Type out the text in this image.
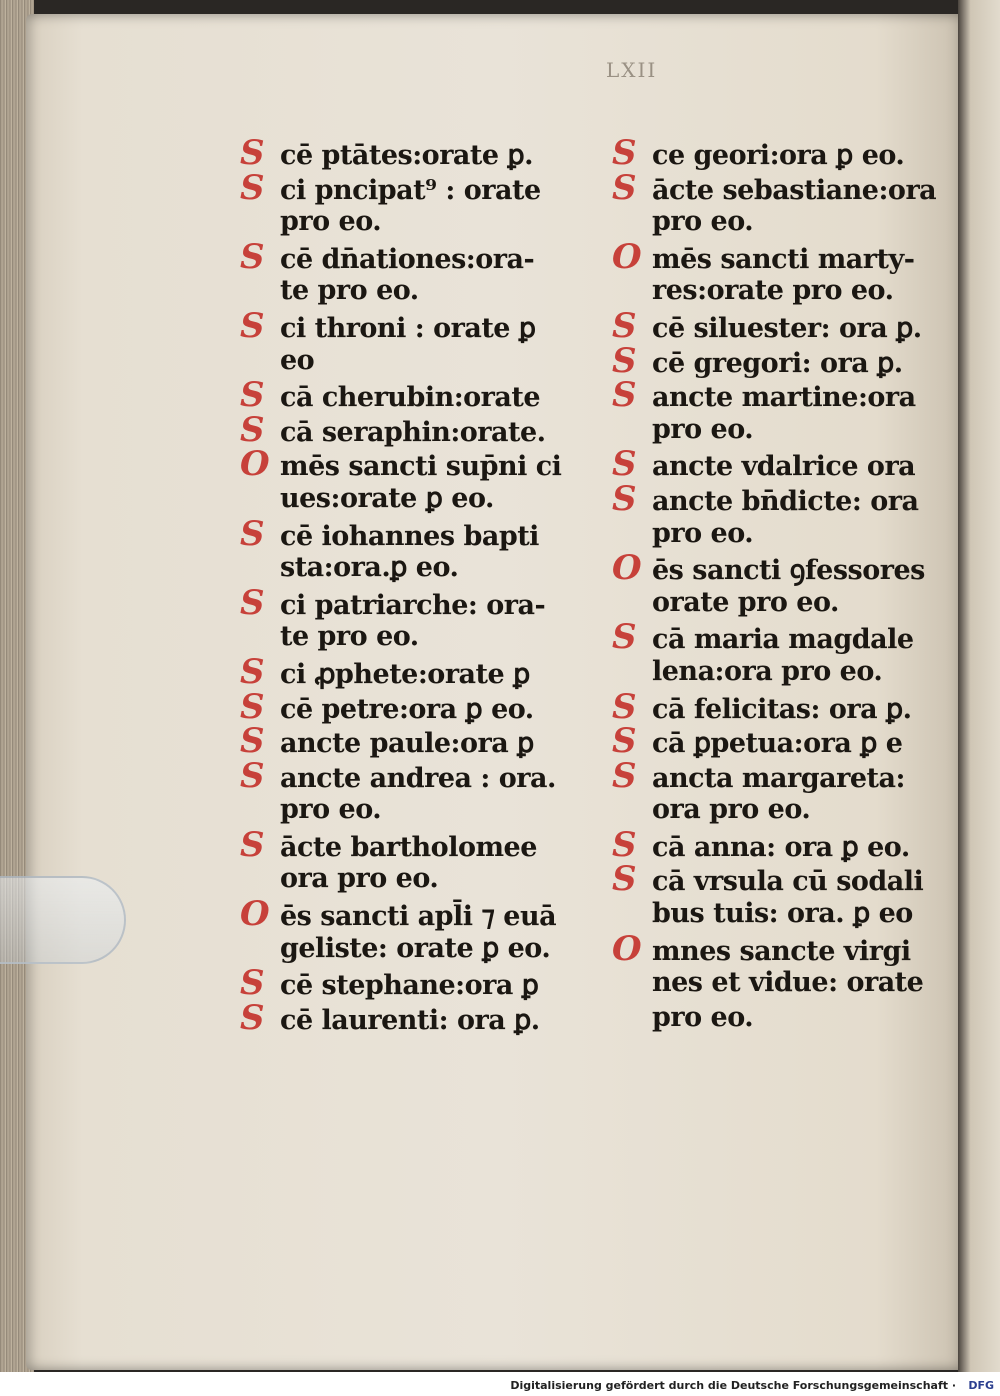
LXII
S cē ptātes:orate ꝑ.
S ci pncipat⁹ : orate
pro eo.
S cē dn̄ationes:ora‑
te pro eo.
S ci throni : orate ꝑ
eo
S cā cherubin:orate
S cā seraphin:orate.
O mēs sancti sup̄ni ci
ues:orate ꝑ eo.
S cē iohannes bapti
sta:ora.ꝑ eo.
S ci patriarche: ora‑
te pro eo.
S ci ꝓphete:orate ꝑ
S cē petre:ora ꝑ eo.
S ancte paule:ora ꝑ
S ancte andrea : ora.
pro eo.
S ācte bartholomee
ora pro eo.
O ēs sancti apl̄i ⁊ euā
geliste: orate ꝑ eo.
S cē stephane:ora ꝑ
S cē laurenti: ora ꝑ.
S ce geori:ora ꝑ eo.
S ācte sebastiane:ora
pro eo.
O mēs sancti marty‑
res:orate pro eo.
S cē siluester: ora ꝑ.
S cē gregori: ora ꝑ.
S ancte martine:ora
pro eo.
S ancte vdalrice ora
S ancte bn̄dicte: ora
pro eo.
O ēs sancti ꝯfessores
orate pro eo.
S cā maria magdale
lena:ora pro eo.
S cā felicitas: ora ꝑ.
S cā ꝑpetua:ora ꝑ e
S ancta margareta:
ora pro eo.
S cā anna: ora ꝑ eo.
S cā vrsula cū sodali
bus tuis: ora. ꝑ eo
O mnes sancte virgi
nes et vidue: orate
pro eo.
Digitalisierung gefördert durch die Deutsche Forschungsgemeinschaft · DFG
